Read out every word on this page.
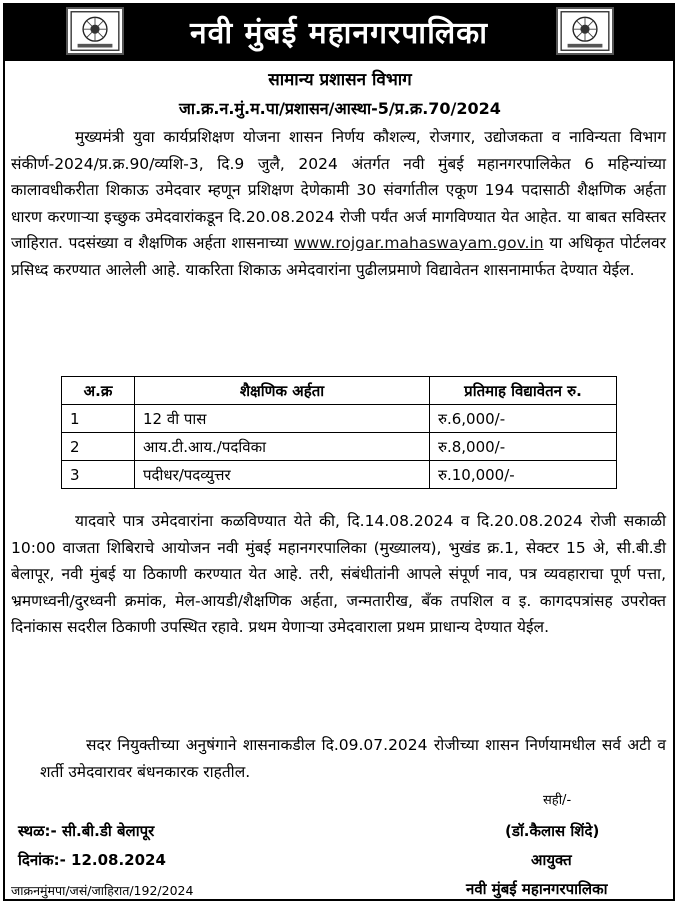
नवी मुंबई महानगरपालिका
सामान्य प्रशासन विभाग
जा.क्र.न.मुं.म.पा/प्रशासन/आस्था-5/प्र.क्र.70/2024

मुख्यमंत्री युवा कार्यप्रशिक्षण योजना शासन निर्णय कौशल्य, रोजगार, उद्योजकता व नाविन्यता विभाग संकीर्ण-2024/प्र.क्र.90/व्यशि-3, दि.9 जुलै, 2024 अंतर्गत नवी मुंबई महानगरपालिकेत 6 महिन्यांच्या कालावधीकरीता शिकाऊ उमेदवार म्हणून प्रशिक्षण देणेकामी 30 संवर्गातील एकूण 194 पदासाठी शैक्षणिक अर्हता धारण करणाऱ्या इच्छुक उमेदवारांकडून दि.20.08.2024 रोजी पर्यंत अर्ज मागविण्यात येत आहेत. या बाबत सविस्तर जाहिरात. पदसंख्या व शैक्षणिक अर्हता शासनाच्या www.rojgar.mahaswayam.gov.in या अधिकृत पोर्टलवर प्रसिध्द करण्यात आलेली आहे. याकरिता शिकाऊ अमेदवारांना पुढीलप्रमाणे विद्यावेतन शासनामार्फत देण्यात येईल.

अ.क्र	शैक्षणिक अर्हता	प्रतिमाह विद्यावेतन रु.
1	12 वी पास	रु.6,000/-
2	आय.टी.आय./पदविका	रु.8,000/-
3	पदीधर/पदव्युत्तर	रु.10,000/-

यादवारे पात्र उमेदवारांना कळविण्यात येते की, दि.14.08.2024 व दि.20.08.2024 रोजी सकाळी 10:00 वाजता शिबिराचे आयोजन नवी मुंबई महानगरपालिका (मुख्यालय), भुखंड क्र.1, सेक्टर 15 अे, सी.बी.डी बेलापूर, नवी मुंबई या ठिकाणी करण्यात येत आहे. तरी, संबंधीतांनी आपले संपूर्ण नाव, पत्र व्यवहाराचा पूर्ण पत्ता, भ्रमणध्वनी/दुरध्वनी क्रमांक, मेल-आयडी/शैक्षणिक अर्हता, जन्मतारीख, बँक तपशिल व इ. कागदपत्रांसह उपरोक्त दिनांकास सदरील ठिकाणी उपस्थित रहावे. प्रथम येणाऱ्या उमेदवाराला प्रथम प्राधान्य देण्यात येईल.

सदर नियुक्तीच्या अनुषंगाने शासनाकडील दि.09.07.2024 रोजीच्या शासन निर्णयामधील सर्व अटी व शर्ती उमेदवारावर बंधनकारक राहतील.

सही/-
स्थळ:- सी.बी.डी बेलापूर	(डॉ.कैलास शिंदे)
दिनांक:- 12.08.2024	आयुक्त
जाक्रनमुंमपा/जसं/जाहिरात/192/2024	नवी मुंबई महानगरपालिका
